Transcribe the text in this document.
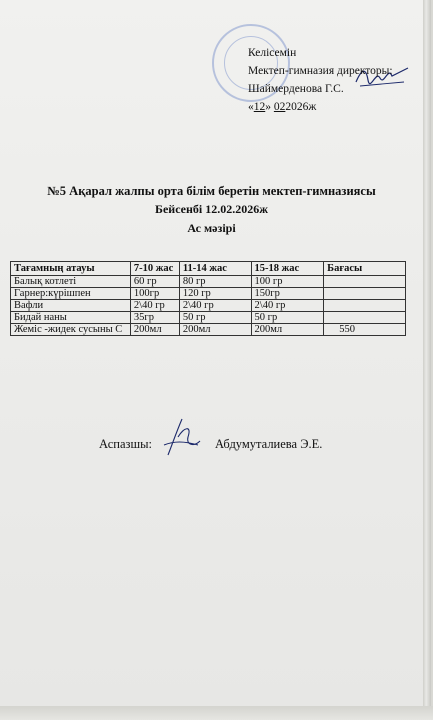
Келісемін
Мектеп-гимназия директоры:
Шаймерденова Г.С.
«12» 022026ж
№5 Ақарал жалпы орта білім беретін мектеп-гимназиясы
Бейсенбі 12.02.2026ж
Ас мәзірі
Тағамның атауы	7-10 жас	11-14 жас	15-18 жас	Бағасы
Балық котлеті	60 гр	80 гр	100 гр	
Гарнер:күрішпен	100гр	120 гр	150гр	
Вафли	2\40 гр	2\40 гр	2\40 гр	
Бидай наны	35гр	50 гр	50 гр	
Жеміс -жидек сусыны С	200мл	200мл	200мл	550
Аспазшы:	Абдумуталиева Э.Е.
